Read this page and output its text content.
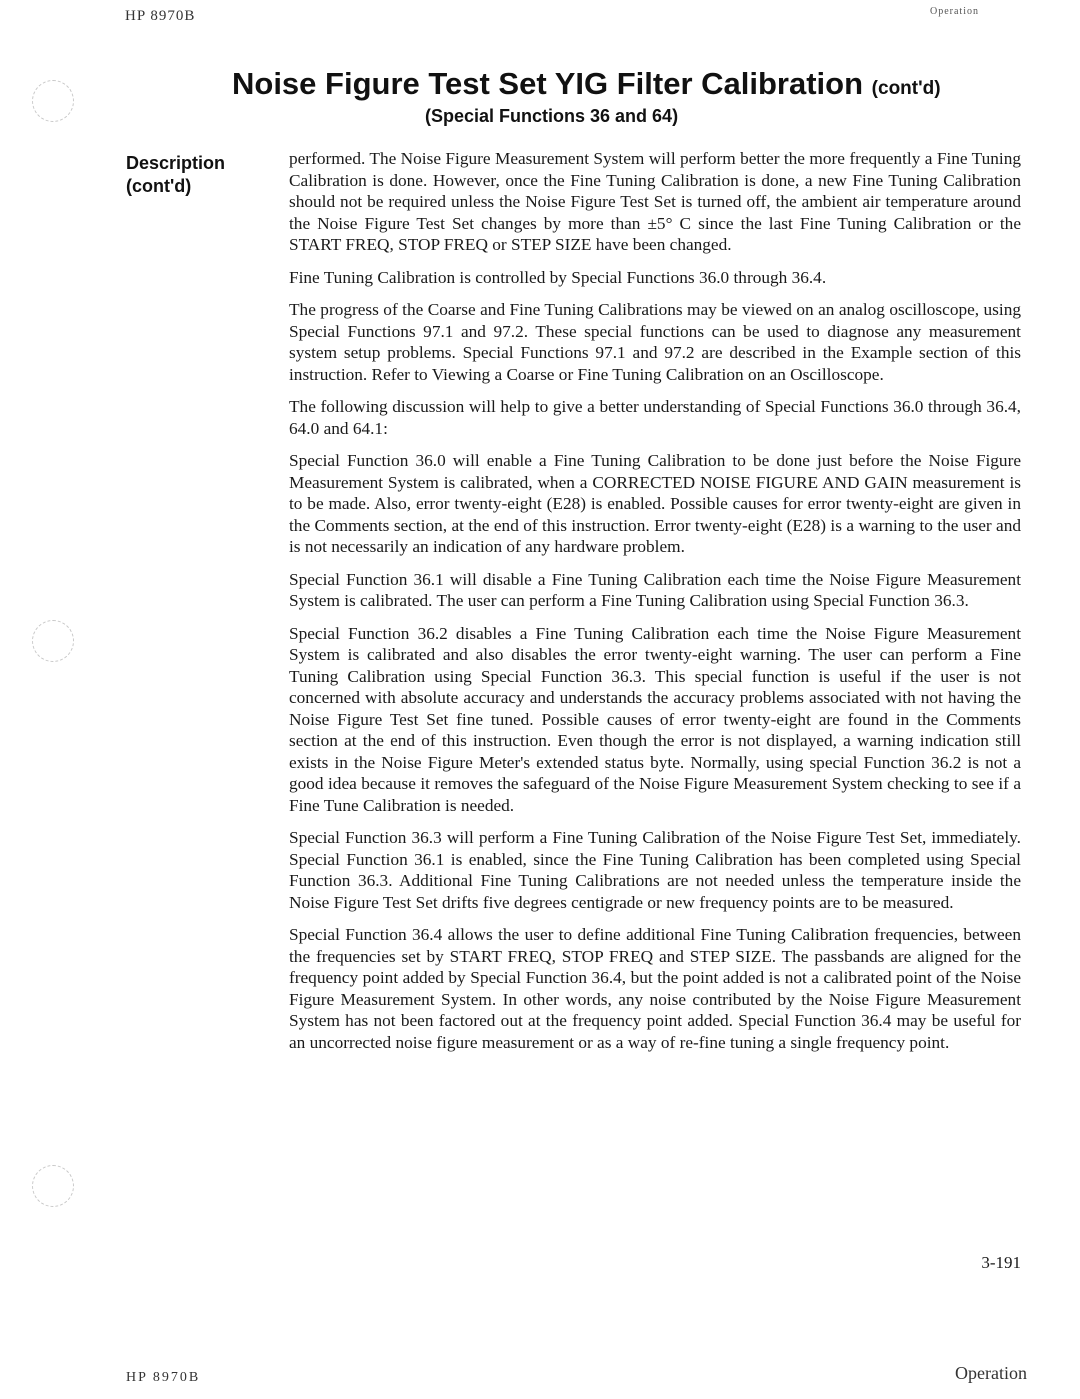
HP 8970B	Operation
Noise Figure Test Set YIG Filter Calibration (cont'd)
(Special Functions 36 and 64)
Description
(cont'd)

performed. The Noise Figure Measurement System will perform better the more frequently a Fine Tuning Calibration is done. However, once the Fine Tuning Calibration is done, a new Fine Tuning Calibration should not be required unless the Noise Figure Test Set is turned off, the ambient air temperature around the Noise Figure Test Set changes by more than ±5° C since the last Fine Tuning Calibration or the START FREQ, STOP FREQ or STEP SIZE have been changed.

Fine Tuning Calibration is controlled by Special Functions 36.0 through 36.4.

The progress of the Coarse and Fine Tuning Calibrations may be viewed on an analog oscilloscope, using Special Functions 97.1 and 97.2. These special functions can be used to diagnose any measurement system setup problems. Special Functions 97.1 and 97.2 are described in the Example section of this instruction. Refer to Viewing a Coarse or Fine Tuning Calibration on an Oscilloscope.

The following discussion will help to give a better understanding of Special Functions 36.0 through 36.4, 64.0 and 64.1:

Special Function 36.0 will enable a Fine Tuning Calibration to be done just before the Noise Figure Measurement System is calibrated, when a CORRECTED NOISE FIGURE AND GAIN measurement is to be made. Also, error twenty-eight (E28) is enabled. Possible causes for error twenty-eight are given in the Comments section, at the end of this instruction. Error twenty-eight (E28) is a warning to the user and is not necessarily an indication of any hardware problem.

Special Function 36.1 will disable a Fine Tuning Calibration each time the Noise Figure Measurement System is calibrated. The user can perform a Fine Tuning Calibration using Special Function 36.3.

Special Function 36.2 disables a Fine Tuning Calibration each time the Noise Figure Measurement System is calibrated and also disables the error twenty-eight warning. The user can perform a Fine Tuning Calibration using Special Function 36.3. This special function is useful if the user is not concerned with absolute accuracy and understands the accuracy problems associated with not having the Noise Figure Test Set fine tuned. Possible causes of error twenty-eight are found in the Comments section at the end of this instruction. Even though the error is not displayed, a warning indication still exists in the Noise Figure Meter's extended status byte. Normally, using special Function 36.2 is not a good idea because it removes the safeguard of the Noise Figure Measurement System checking to see if a Fine Tune Calibration is needed.

Special Function 36.3 will perform a Fine Tuning Calibration of the Noise Figure Test Set, immediately. Special Function 36.1 is enabled, since the Fine Tuning Calibration has been completed using Special Function 36.3. Additional Fine Tuning Calibrations are not needed unless the temperature inside the Noise Figure Test Set drifts five degrees centigrade or new frequency points are to be measured.

Special Function 36.4 allows the user to define additional Fine Tuning Calibration frequencies, between the frequencies set by START FREQ, STOP FREQ and STEP SIZE. The passbands are aligned for the frequency point added by Special Function 36.4, but the point added is not a calibrated point of the Noise Figure Measurement System. In other words, any noise contributed by the Noise Figure Measurement System has not been factored out at the frequency point added. Special Function 36.4 may be useful for an uncorrected noise figure measurement or as a way of re-fine tuning a single frequency point.

3-191
HP 8970B	Operation
